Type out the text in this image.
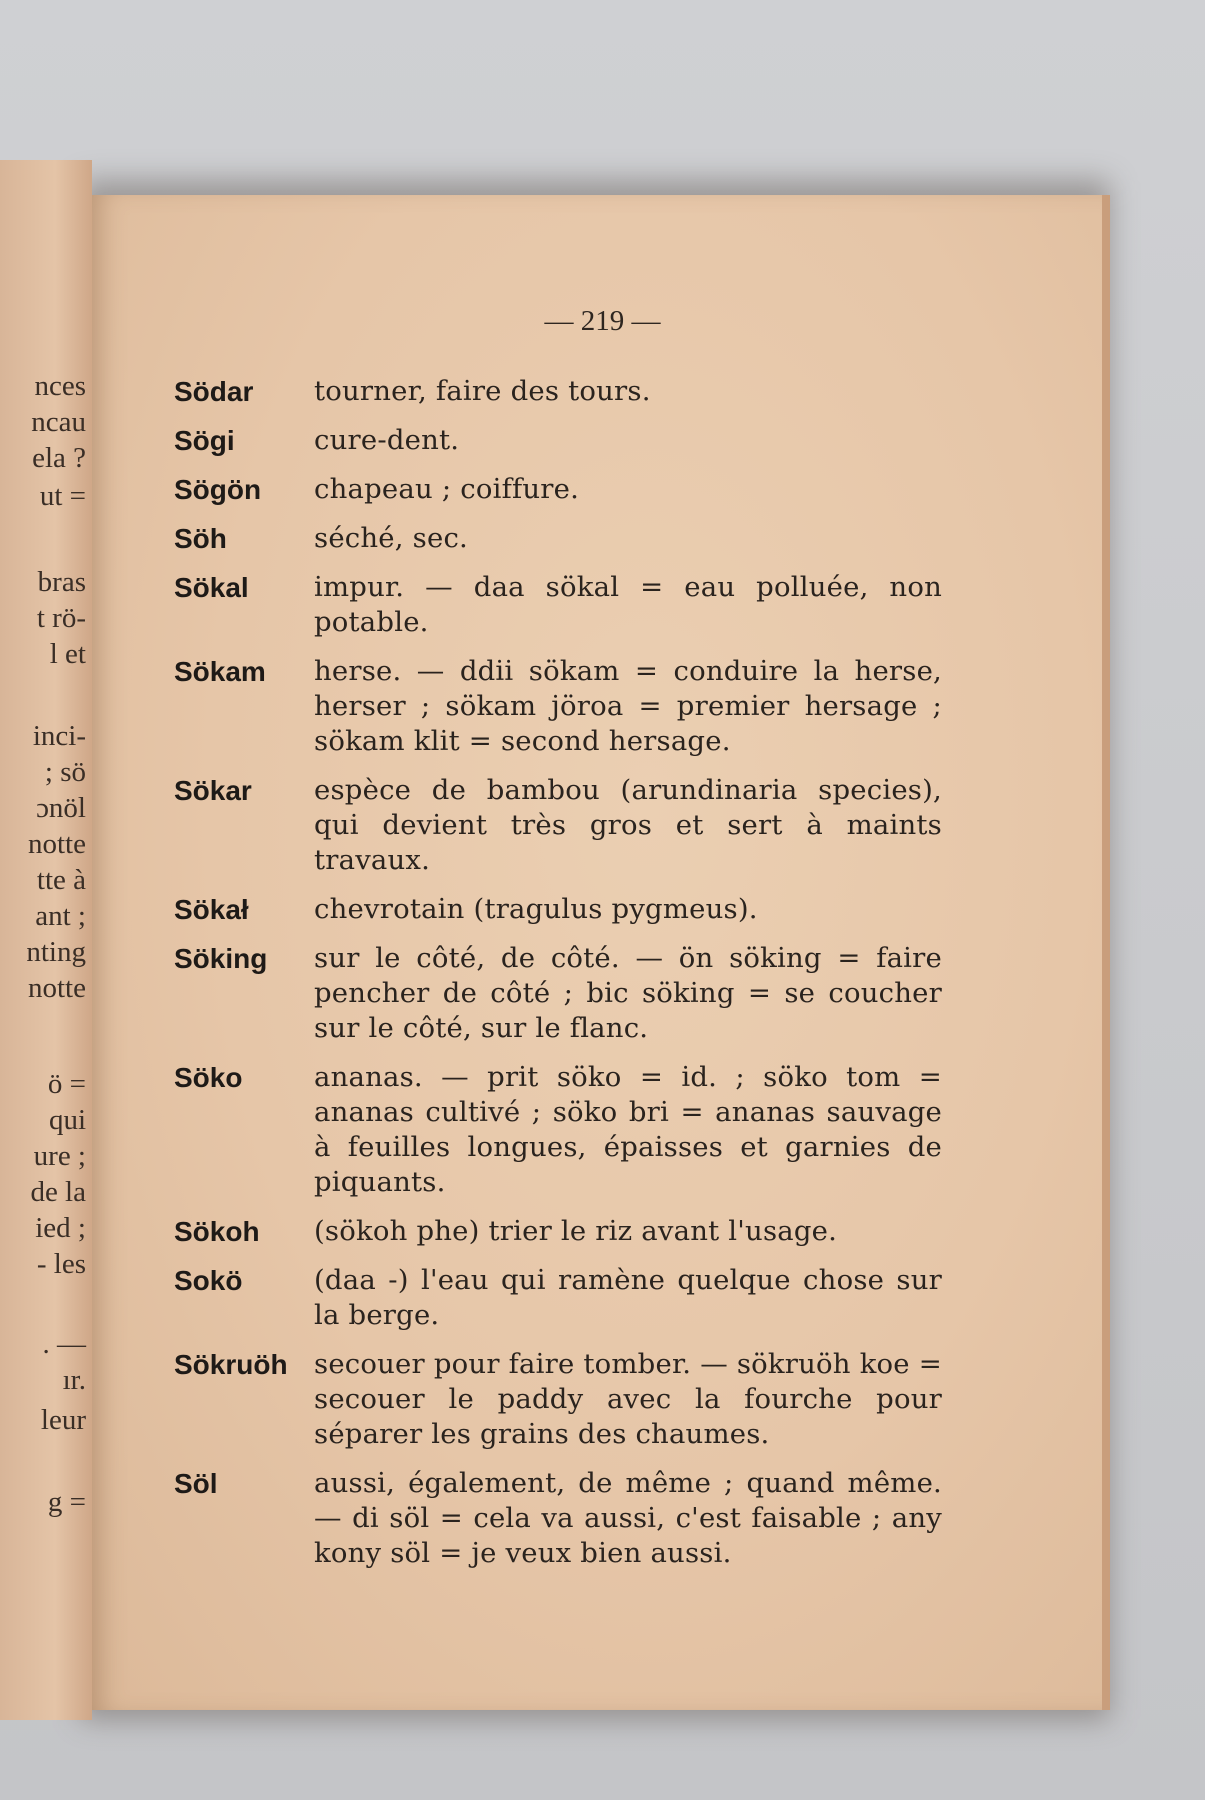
nces
ncau
ela ?
ut =
bras
t rö-
l et
inci-
; sö
ɔnöl
notte
tte à
ant ;
nting
notte
ö =
qui
ure ;
de la
ied ;
- les
. —
ır.
leur
g =
— 219 —
Sӧdar	tourner, faire des tours.
Sӧgi	cure-dent.
Sӧgӧn	chapeau ; coiffure.
Sӧh	séché, sec.
Sӧkal	impur. — daa sӧkal = eau polluée, non potable.
Sӧkam	herse. — ddii sӧkam = conduire la herse, herser ; sӧkam jӧroa = premier hersage ; sӧkam klit = second hersage.
Sӧkar	espèce de bambou (arundinaria species), qui devient très gros et sert à maints travaux.
Sӧkał	chevrotain (tragulus pygmeus).
Sӧking	sur le côté, de côté. — ӧn sӧking = faire pencher de côté ; bic sӧking = se coucher sur le côté, sur le flanc.
Sӧko	ananas. — prit sӧko = id. ; sӧko tom = ananas cultivé ; sӧko bri = ananas sauvage à feuilles longues, épaisses et garnies de piquants.
Sӧkoh	(sӧkoh phe) trier le riz avant l'usage.
Sokӧ	(daa -) l'eau qui ramène quelque chose sur la berge.
Sӧkruӧh secouer pour faire tomber. — sӧkruӧh koe = secouer le paddy avec la fourche pour séparer les grains des chaumes.
Sӧl	aussi, également, de même ; quand même. — di sӧl = cela va aussi, c'est faisable ; any kony sӧl = je veux bien aussi.
